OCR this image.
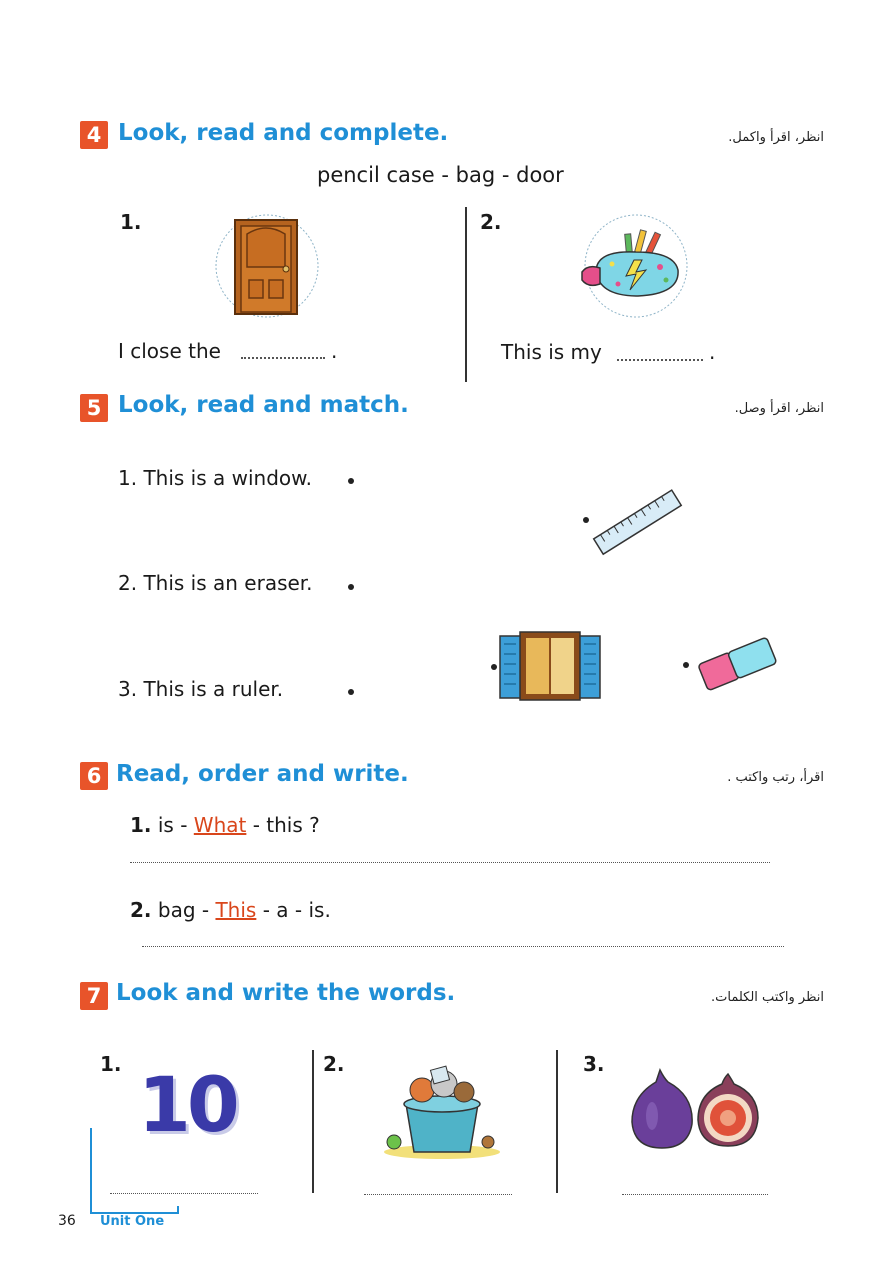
4 Look, read and complete.	انظر، اقرأ واكمل.
pencil case - bag - door
1.
I close the	.
2.
This is my	.
5 Look, read and match.	انظر، اقرأ وصل.
1. This is a window.
2. This is an eraser.
3. This is a ruler.
6 Read, order and write.	اقرأ، رتب واكتب .
1. is - What - this ?
2. bag - This - a - is.
7 Look and write the words.	انظر واكتب الكلمات.
1. 10	2.	3.
36 Unit One
